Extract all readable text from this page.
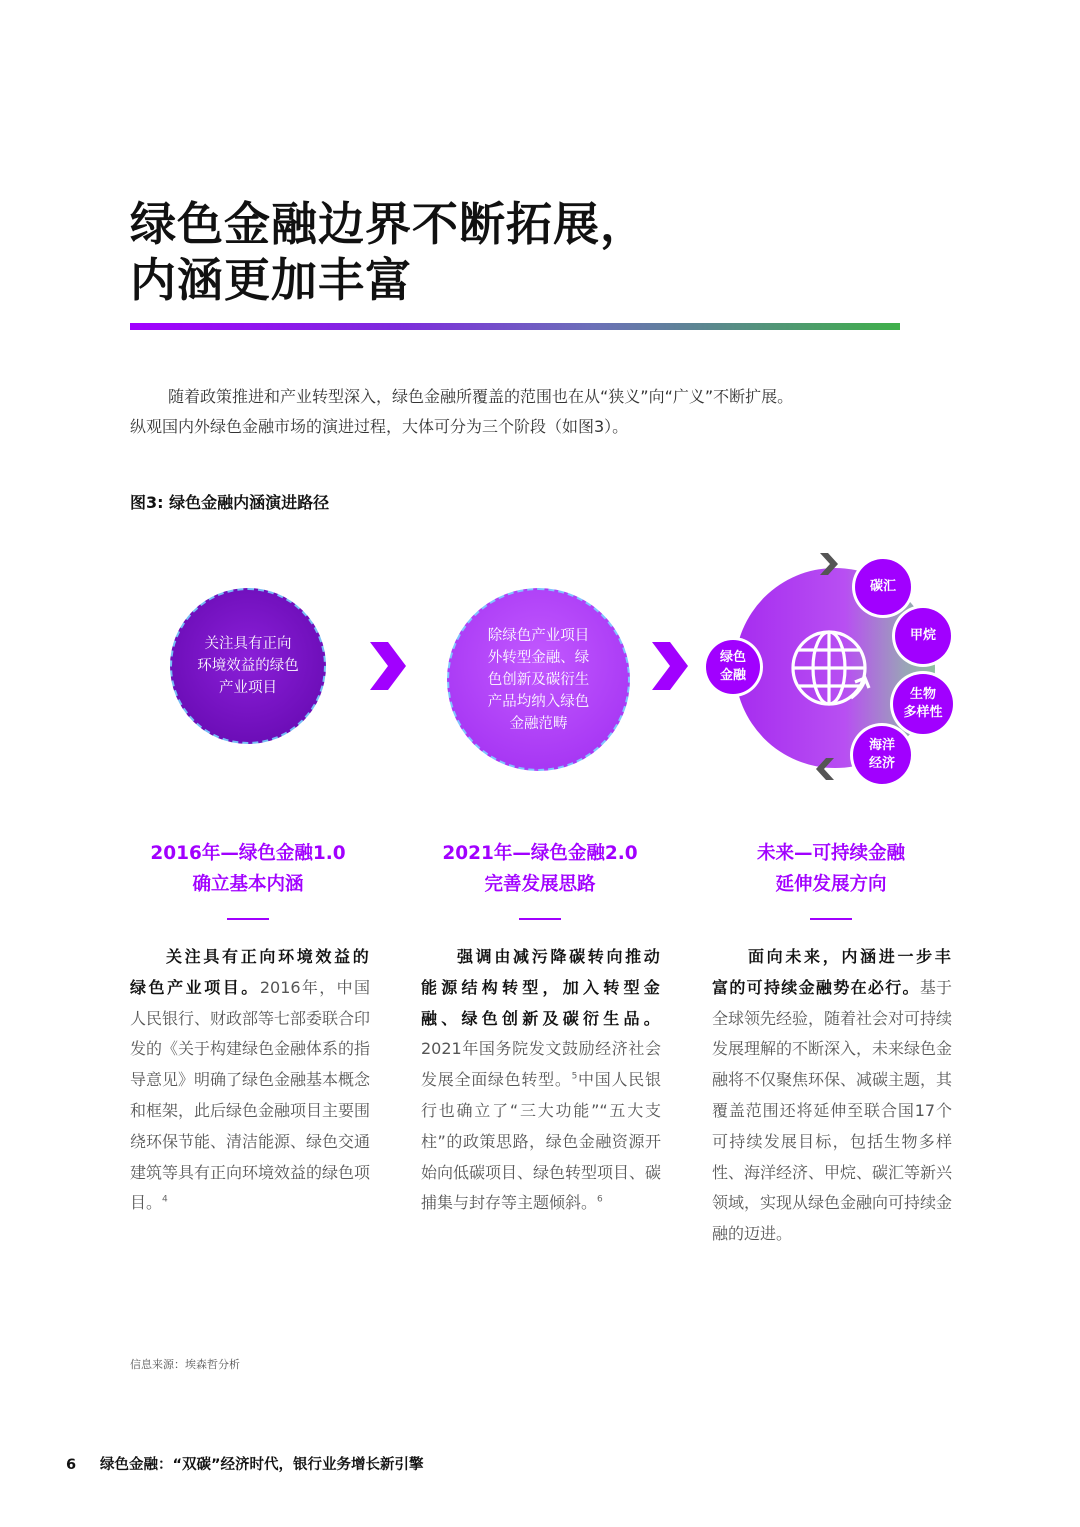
绿色金融边界不断拓展，
内涵更加丰富

随着政策推进和产业转型深入，绿色金融所覆盖的范围也在从“狭义”向“广义”不断扩展。
纵观国内外绿色金融市场的演进过程，大体可分为三个阶段（如图3）。

图3: 绿色金融内涵演进路径

关注具有正向
环境效益的绿色
产业项目
除绿色产业项目
外转型金融、绿
色创新及碳衍生
产品均纳入绿色
金融范畴
绿色
金融
碳汇
甲烷
生物
多样性
海洋
经济
2016年—绿色金融1.0
确立基本内涵
2021年—绿色金融2.0
完善发展思路
未来—可持续金融
延伸发展方向

关注具有正向环境效益的绿色产业项目。2016年，中国人民银行、财政部等七部委联合印发的《关于构建绿色金融体系的指导意见》明确了绿色金融基本概念和框架，此后绿色金融项目主要围绕环保节能、清洁能源、绿色交通建筑等具有正向环境效益的绿色项目。$^4$

强调由减污降碳转向推动能源结构转型，加入转型金融、绿色创新及碳衍生品。2021年国务院发文鼓励经济社会发展全面绿色转型。$^5$中国人民银行也确立了“三大功能”“五大支柱”的政策思路，绿色金融资源开始向低碳项目、绿色转型项目、碳捕集与封存等主题倾斜。$^6$

面向未来，内涵进一步丰富的可持续金融势在必行。基于全球领先经验，随着社会对可持续发展理解的不断深入，未来绿色金融将不仅聚焦环保、减碳主题，其覆盖范围还将延伸至联合国17个可持续发展目标，包括生物多样性、海洋经济、甲烷、碳汇等新兴领域，实现从绿色金融向可持续金融的迈进。

信息来源：埃森哲分析

6 绿色金融：“双碳”经济时代，银行业务增长新引擎
